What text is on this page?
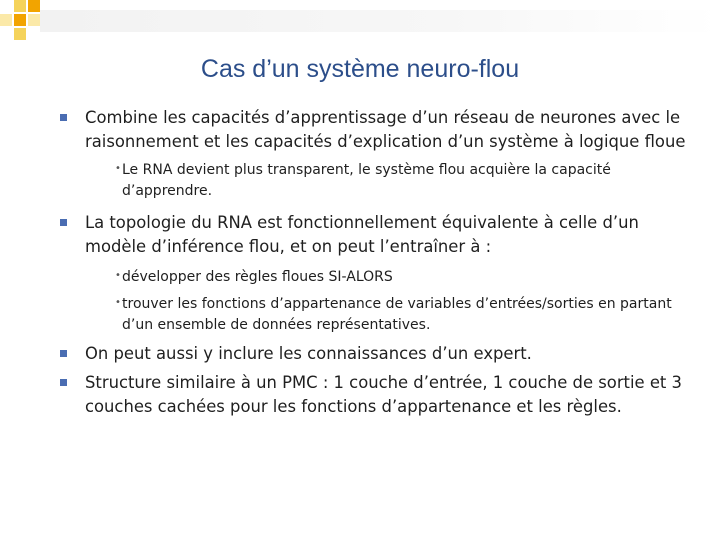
Cas d’un système neuro-flou
Combine les capacités d’apprentissage d’un réseau de neurones avec le raisonnement et les capacités d’explication d’un système à logique floue
• Le RNA devient plus transparent, le système flou acquière la capacité d’apprendre.
La topologie du RNA est fonctionnellement équivalente à celle d’un modèle d’inférence flou, et on peut l’entraîner à :
• développer des règles floues SI-ALORS
• trouver les fonctions d’appartenance de variables d’entrées/sorties en partant d’un ensemble de données représentatives.
On peut aussi y inclure les connaissances d’un expert.
Structure similaire à un PMC : 1 couche d’entrée, 1 couche de sortie et 3 couches cachées pour les fonctions d’appartenance et les règles.
